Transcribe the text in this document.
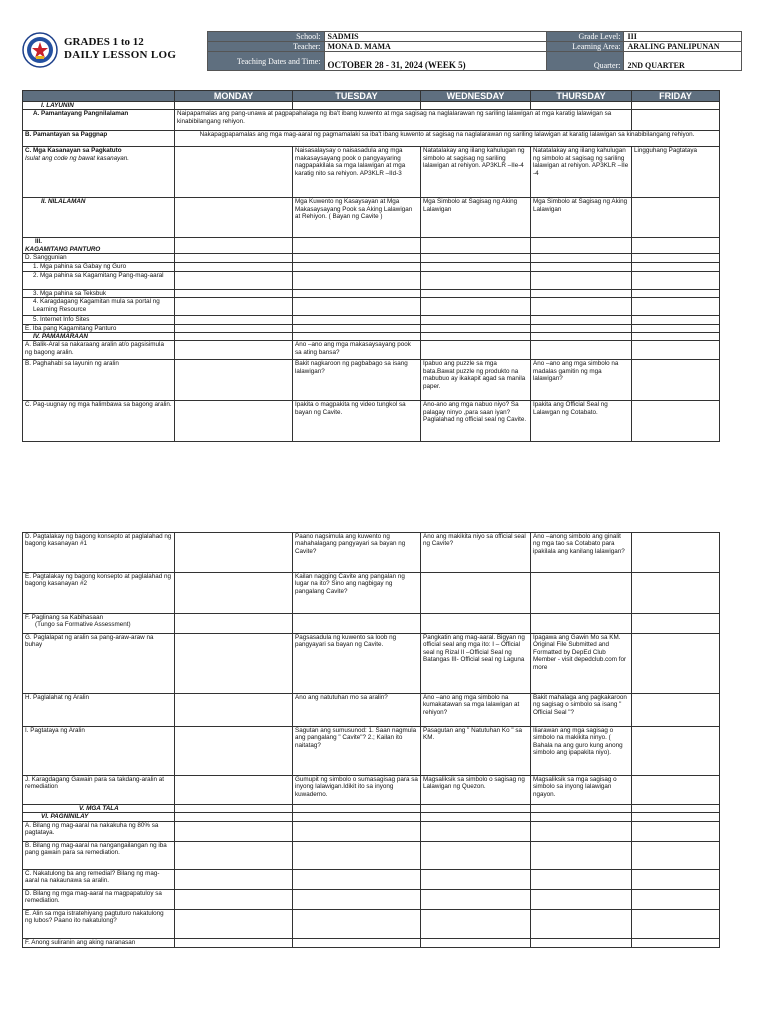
GRADES 1 to 12
DAILY LESSON LOG
School:	SADMIS	Grade Level:	III
Teacher:	MONA D. MAMA	Learning Area:	ARALING PANLIPUNAN
Teaching Dates and Time:	OCTOBER 28 - 31, 2024 (WEEK 5)	Quarter:	2ND QUARTER
	MONDAY	TUESDAY	WEDNESDAY	THURSDAY	FRIDAY
I. LAYUNIN					
A. Pamantayang Pangnilalaman	Naipapamalas ang pang-unawa at pagpapahalaga ng iba't ibang kuwento at mga sagisag na naglalarawan ng sariling lalawigan at mga karatig lalawigan sa kinabibilangang rehiyon.				
B. Pamantayan sa Paggnap	Nakapagpapamalas ang mga mag-aaral ng pagmamalaki sa iba't ibang kuwento at sagisag na naglalarawan ng sariling lalawigan at karatig lalawigan sa kinabibilangang rehiyon.				

C. Mga Kasanayan sa Pagkatuto
Isulat ang code ng bawat kasanayan.		Naisasalaysay o naisasadula ang mga makasaysayang pook o pangyayaring nagpapakilala sa mga lalawigan at mga karatig nito sa rehiyon. AP3KLR –IId-3	Natatalakay ang iilang kahulugan ng simbolo at sagisag ng sariling lalawigan at rehiyon. AP3KLR –IIe-4	Natatalakay ang iilang kahulugan ng simbolo at sagisag ng sariling lalawigan at rehiyon. AP3KLR –IIe -4	Lingguhang Pagtataya
II. NILALAMAN		Mga Kuwento ng Kasaysayan at Mga Makasaysayang Pook sa Aking Lalawigan at Rehiyon. ( Bayan ng Cavite )	Mga Simbolo at Sagisag ng Aking Lalawigan	Mga Simbolo at Sagisag ng Aking Lalawigan	

III.
KAGAMITANG PANTURO					

D. Sanggunian					
1. Mga pahina sa Gabay ng Guro					
2. Mga pahina sa Kagamitang Pang-mag-aaral					
3. Mga pahina sa Teksbuk					
4. Karagdagang Kagamitan mula sa portal ng Learning Resource					
5. Internet Info Sites					
E. Iba pang Kagamitang Panturo					
IV. PAMAMARAAN					
A. Balik-Aral sa nakaraang aralin at/o pagsisimula ng bagong aralin.		Ano –ano ang mga makasaysayang pook sa ating bansa?			
B. Paghahabi sa layunin ng aralin		Bakit nagkaroon ng pagbabago sa isang lalawigan?	Ipabuo ang puzzle sa mga bata.Bawat puzzle ng produkto na mabubuo ay ikakapit agad sa manila paper.	Ano –ano ang mga simbolo na madalas gamitin ng mga lalawigan?	
C. Pag-uugnay ng mga halimbawa sa bagong aralin.		Ipakita o magpakita ng video tungkol sa bayan ng Cavite.	Ano-ano ang mga nabuo niyo? Sa palagay ninyo ,para saan iyan? Paglalahad ng official seal ng Cavite.	Ipakita ang Official Seal ng Lalawgan ng Cotabato.	
D. Pagtalakay ng bagong konsepto at paglalahad ng bagong kasanayan #1		Paano nagsimula ang kuwento ng mahahalagang pangyayari sa bayan ng Cavite?	Ano ang makikita niyo sa official seal ng Cavite?	Ano –anong simbolo ang ginalit ng mga tao sa Cotabato para ipakilala ang kanilang lalawigan?	
E. Pagtalakay ng bagong konsepto at paglalahad ng bagong kasanayan #2		Kailan nagging Cavite ang pangalan ng lugar na ito? Sino ang nagbigay ng pangalang Cavite?			

F. Paglinang sa Kabihasaan
(Tungo sa Formative Assessment)					

G. Paglalapat ng aralin sa pang-araw-araw na buhay		Pagsasadula ng kuwento sa loob ng pangyayari sa bayan ng Cavite.	Pangkatin ang mag-aaral. Bigyan ng official seal ang mga ito: I – Official seal ng Rizal II –Official Seal ng Batangas III- Official seal ng Laguna	Ipagawa ang Gawin Mo sa KM. Original File Submitted and Formatted by DepEd Club Member - visit depedclub.com for more	
H. Paglalahat ng Aralin		Ano ang natutuhan mo sa aralin?	Ano –ano ang mga simbolo na kumakatawan sa mga lalawigan at rehiyon?	Bakit mahalaga ang pagkakaroon ng sagisag o simbolo sa isang " Official Seal "?	
I. Pagtataya ng Aralin		Sagutan ang sumusunod: 1. Saan nagmula ang pangalang " Cavite"? 2.; Kailan ito naitatag?	Pasagutan ang " Natutuhan Ko " sa KM.	Iliarawan ang mga sagisag o simbolo na makikita ninyo. ( Bahala na ang guro kung anong simbolo ang ipapakita niyo).	
J. Karagdagang Gawain para sa takdang-aralin at remediation		Gumupit ng simbolo o sumasagisag para sa inyong lalawigan.Idikit ito sa inyong kuwaderno.	Magsaliksik sa simbolo o sagisag ng Lalawigan ng Quezon.	Magsaliksik sa mga sagisag o simbolo sa inyong lalawigan ngayon.	
V. MGA TALA					
VI. PAGNINILAY					
A. Bilang ng mag-aaral na nakakuha ng 80% sa pagtataya.					
B. Bilang ng mag-aaral na nangangailangan ng iba pang gawain para sa remediation.					
C. Nakatulong ba ang remedial? Bilang ng mag-aaral na nakaunawa sa aralin.					
D. Bilang ng mga mag-aaral na magpapatuloy sa remediation.					
E. Alin sa mga istratehiyang pagtuturo nakatulong ng lubos? Paano ito nakatulong?					
F. Anong suliranin ang aking naranasan					
